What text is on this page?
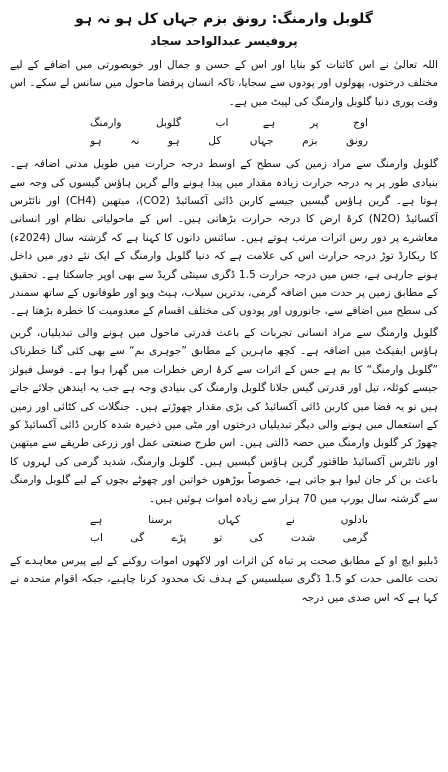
گلوبل وارمنگ: رونق بزم جہاں کل ہو نہ ہو
پروفیسر عبدالواحد سجاد

اللہ تعالیٰ نے اس کائنات کو بنایا اور اس کے حسن و جمال اور خوبصورتی میں اضافے کے لیے مختلف درختوں، پھولوں اور پودوں سے سجایا، تاکہ انسان پرفضا ماحول میں سانس لے سکے۔ اس وقت پوری دنیا گلوبل وارمنگ کی لپیٹ میں ہے۔

اوج
پر
ہے
اب
گلوبل
وارمنگ
رونق
بزم
جہاں
کل
ہو
نہ
ہو

گلوبل وارمنگ سے مراد زمین کی سطح کے اوسط درجہ حرارت میں طویل مدتی اضافہ ہے۔ بنیادی طور پر یہ درجہ حرارت زیادہ مقدار میں پیدا ہونے والے گرین ہاؤس گیسوں کی وجہ سے ہوتا ہے۔ گرین ہاؤس گیسیں جیسے کاربن ڈائی آکسائیڈ (CO2)، میتھین (CH4) اور نائٹرس آکسائیڈ (N2O) کرۂ ارض کا درجہ حرارت بڑھاتی ہیں۔ اس کے ماحولیاتی نظام اور انسانی معاشرے پر دور رس اثرات مرتب ہوتے ہیں۔ سائنس دانوں کا کہنا ہے کہ گزشتہ سال (2024ء) کا ریکارڈ توڑ درجہ حرارت اس کی علامت ہے کہ دنیا گلوبل وارمنگ کے ایک نئے دور میں داخل ہونے جارہی ہے، جس میں درجہ حرارت 1.5 ڈگری سینٹی گریڈ سے بھی اوپر جاسکتا ہے۔ تحقیق کے مطابق زمین پر حدت میں اضافہ گرمی، بدترین سیلاب، ہیٹ ویو اور طوفانوں کے ساتھ سمندر کی سطح میں اضافے سے، جانوروں اور پودوں کی مختلف اقسام کے معدومیت کا خطرہ بڑھتا ہے۔

گلوبل وارمنگ سے مراد انسانی تجربات کے باعث قدرتی ماحول میں ہونے والی تبدیلیاں، گرین ہاؤس ایفیکٹ میں اضافہ ہے۔ کچھ ماہرین کے مطابق ”جوہری بم“ سے بھی کئی گنا خطرناک ”گلوبل وارمنگ“ کا بم ہے جس کے اثرات سے کرۂ ارض خطرات میں گھرا ہوا ہے۔ فوسل فیولز جیسے کوئلہ، تیل اور قدرتی گیس جلانا گلوبل وارمنگ کی بنیادی وجہ ہے جب یہ ایندھن جلائے جاتے ہیں تو یہ فضا میں کاربن ڈائی آکسائیڈ کی بڑی مقدار چھوڑتے ہیں۔ جنگلات کی کٹائی اور زمین کے استعمال میں ہونے والی دیگر تبدیلیاں درختوں اور مٹی میں ذخیرہ شدہ کاربن ڈائی آکسائیڈ کو چھوڑ کر گلوبل وارمنگ میں حصہ ڈالتی ہیں۔ اس طرح صنعتی عمل اور زرعی طریقے سے میتھین اور نائٹرس آکسائیڈ طاقتور گرین ہاؤس گیسیں ہیں۔ گلوبل وارمنگ، شدید گرمی کی لہروں کا باعث بن کر جان لیوا ہو جاتی ہے، خصوصاً بوڑھوں خواتین اور چھوٹے بچوں کے لیے گلوبل وارمنگ سے گزشتہ سال یورپ میں 70 ہزار سے زیادہ اموات ہوئیں ہیں۔

بادلوں
نے
کہاں
برسنا
ہے
گرمی
شدت
کی
تو
پڑے
گی
اب

ڈبلیو ایچ او کے مطابق صحت پر تباہ کن اثرات اور لاکھوں اموات روکنے کے لیے پیرس معاہدے کے تحت عالمی حدت کو 1.5 ڈگری سیلسیس کے ہدف تک محدود کرنا چاہیے، جبکہ اقوام متحدہ نے کہا ہے کہ اس صدی میں درجہ
